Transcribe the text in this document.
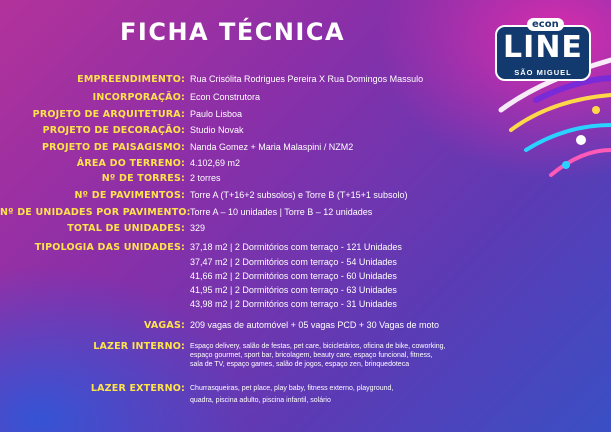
FICHA TÉCNICA	econ
LINE
SÃO MIGUEL
EMPREENDIMENTO: Rua Crisólita Rodrigues Pereira X Rua Domingos Massulo
INCORPORAÇÃO: Econ Construtora
PROJETO DE ARQUITETURA: Paulo Lisboa
PROJETO DE DECORAÇÃO: Studio Novak
PROJETO DE PAISAGISMO: Nanda Gomez + Maria Malaspini / NZM2
ÁREA DO TERRENO: 4.102,69 m2
Nº DE TORRES: 2 torres
Nº DE PAVIMENTOS: Torre A (T+16+2 subsolos) e Torre B (T+15+1 subsolo)
Nº DE UNIDADES POR PAVIMENTO: Torre A – 10 unidades | Torre B – 12 unidades
TOTAL DE UNIDADES: 329
TIPOLOGIA DAS UNIDADES: 37,18 m2 | 2 Dormitórios com terraço - 121 Unidades
37,47 m2 | 2 Dormitórios com terraço - 54 Unidades
41,66 m2 | 2 Dormitórios com terraço - 60 Unidades
41,95 m2 | 2 Dormitórios com terraço - 63 Unidades
43,98 m2 | 2 Dormitórios com terraço - 31 Unidades
VAGAS: 209 vagas de automóvel + 05 vagas PCD + 30 Vagas de moto
LAZER INTERNO: Espaço delivery, salão de festas, pet care, bicicletários, oficina de bike, coworking,
espaço gourmet, sport bar, bricolagem, beauty care, espaço funcional, fitness,
sala de TV, espaço games, salão de jogos, espaço zen, brinquedoteca
LAZER EXTERNO: Churrasqueiras, pet place, play baby, fitness externo, playground,
quadra, piscina adulto, piscina infantil, solário
